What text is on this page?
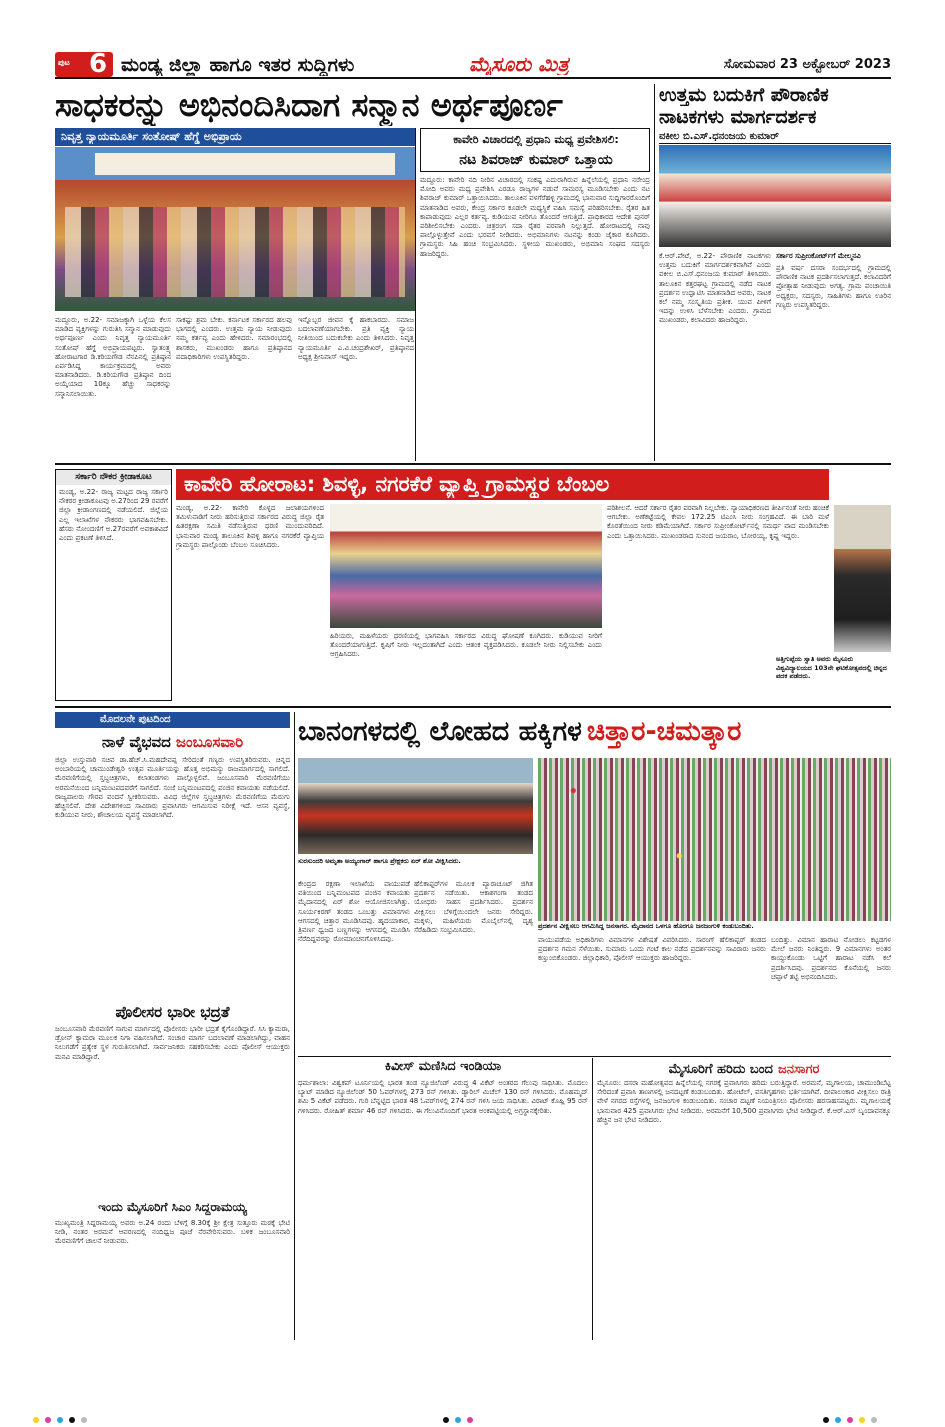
ಪುಟ 6 ಮಂಡ್ಯ ಜಿಲ್ಲಾ ಹಾಗೂ ಇತರ ಸುದ್ದಿಗಳು	ಮೈಸೂರು ಮಿತ್ರ	ಸೋಮವಾರ 23 ಅಕ್ಟೋಬರ್ 2023
ಸಾಧಕರನ್ನು ಅಭಿನಂದಿಸಿದಾಗ ಸನ್ಮಾನ ಅರ್ಥಪೂರ್ಣ
ನಿವೃತ್ತ ನ್ಯಾಯಮೂರ್ತಿ ಸಂತೋಷ್ ಹೆಗ್ಡೆ ಅಭಿಪ್ರಾಯ
ಮದ್ದೂರು, ಅ.22- ಸಮಾಜಕ್ಕಾಗಿ ಒಳ್ಳೆಯ ಕೆಲಸ ಮಾಡಿದ ವ್ಯಕ್ತಿಗಳನ್ನು ಗುರುತಿಸಿ ಸನ್ಮಾನ ಮಾಡುವುದು ಅರ್ಥಪೂರ್ಣ ಎಂದು ನಿವೃತ್ತ ನ್ಯಾಯಮೂರ್ತಿ ಸಂತೋಷ್ ಹೆಗ್ಡೆ ಅಭಿಪ್ರಾಯಪಟ್ಟರು. ಸ್ವಾತಂತ್ರ್ಯ ಹೋರಾಟಗಾರ ಡಿ.ಕರಿಯಗೌಡ ನೆನಪಿನಲ್ಲಿ ಪ್ರತಿಷ್ಠಾನ ಏರ್ಪಡಿಸಿದ್ದ ಕಾರ್ಯಕ್ರಮದಲ್ಲಿ ಅವರು ಮಾತನಾಡಿದರು. ಡಿ.ಕರಿಯಗೌಡ ಪ್ರತಿಷ್ಠಾನ ದಿಂದ ಅಯ್ಕೆಯಾದ 10ಕ್ಕೂ ಹೆಚ್ಚು ಸಾಧಕರನ್ನು ಸನ್ಮಾನಿಸಲಾಯಿತು.
ಸಾಕಷ್ಟು ಶ್ರಮ ಬೇಕು. ಕರ್ನಾಟಕ ಸರ್ಕಾರದ ಹಲವು ಭಾಗದಲ್ಲಿ ಎಂದರು. ಉತ್ತಮ ನ್ಯಾಯ ನೀಡುವುದು ನಮ್ಮ ಕರ್ತವ್ಯ ಎಂದು ಹೇಳಿದರು. ಸಮಾರಂಭದಲ್ಲಿ ಶಾಸಕರು, ಮುಖಂಡರು ಹಾಗೂ ಪ್ರತಿಷ್ಠಾನದ ಪದಾಧಿಕಾರಿಗಳು ಉಪಸ್ಥಿತರಿದ್ದರು.
ಇನ್ನೊಬ್ಬರ ಜೀವನ ಕ್ಕೆ ಹಾಕಬಾರದು. ಸಮಾಜ ಬದಲಾವಣೆಯಾಗಬೇಕು. ಪ್ರತಿ ವ್ಯಕ್ತಿ ನ್ಯಾಯ ನೀತಿಯಿಂದ ಬದುಕಬೇಕು ಎಂದು ತಿಳಿಸಿದರು. ನಿವೃತ್ತ ನ್ಯಾಯಮೂರ್ತಿ ಎ.ವಿ.ಚಂದ್ರಶೇಖರ್, ಪ್ರತಿಷ್ಠಾನದ ಅಧ್ಯಕ್ಷ ಶ್ರೀನಿವಾಸ್ ಇದ್ದರು.
ಕಾವೇರಿ ವಿಚಾರದಲ್ಲಿ ಪ್ರಧಾನಿ ಮಧ್ಯ ಪ್ರವೇಶಿಸಲಿ:
ನಟ ಶಿವರಾಜ್ ಕುಮಾರ್ ಒತ್ತಾಯ
ಮದ್ದೂರು: ಕಾವೇರಿ ನದಿ ನೀರಿನ ವಿಚಾರದಲ್ಲಿ ಸಂಕಷ್ಟ ಎದುರಾಗಿರುವ ಹಿನ್ನೆಲೆಯಲ್ಲಿ ಪ್ರಧಾನಿ ನರೇಂದ್ರ ಮೋದಿ ಅವರು ಮಧ್ಯ ಪ್ರವೇಶಿಸಿ ಎರಡೂ ರಾಜ್ಯಗಳ ನಡುವೆ ಸಾಮರಸ್ಯ ಮೂಡಿಸಬೇಕು ಎಂದು ನಟ ಶಿವರಾಜ್ ಕುಮಾರ್ ಒತ್ತಾಯಿಸಿದರು. ತಾಲೂಕಿನ ವಳಗೆರೆಹಳ್ಳಿ ಗ್ರಾಮದಲ್ಲಿ ಭಾನುವಾರ ಸುದ್ದಿಗಾರರೊಂದಿಗೆ ಮಾತನಾಡಿದ ಅವರು, ಕೇಂದ್ರ ಸರ್ಕಾರ ಕೂಡಲೇ ಮಧ್ಯಸ್ಥಿಕೆ ವಹಿಸಿ ಸಮಸ್ಯೆ ಪರಿಹರಿಸಬೇಕು. ರೈತರ ಹಿತ ಕಾಪಾಡುವುದು ಎಲ್ಲರ ಕರ್ತವ್ಯ. ಕುಡಿಯುವ ನೀರಿಗೂ ತೊಂದರೆ ಆಗುತ್ತಿದೆ. ಪ್ರಾಧಿಕಾರದ ಆದೇಶ ಪುನರ್ ಪರಿಶೀಲಿಸಬೇಕು ಎಂದರು. ಚಿತ್ರರಂಗ ಸದಾ ರೈತರ ಪರವಾಗಿ ನಿಲ್ಲುತ್ತದೆ. ಹೋರಾಟದಲ್ಲಿ ನಾವು ಪಾಲ್ಗೊಳ್ಳುತ್ತೇವೆ ಎಂದು ಭರವಸೆ ನೀಡಿದರು. ಅಭಿಮಾನಿಗಳು ನಟನನ್ನು ಕಂಡು ಜೈಕಾರ ಕೂಗಿದರು. ಗ್ರಾಮಸ್ಥರು ಸಿಹಿ ಹಂಚಿ ಸಂಭ್ರಮಿಸಿದರು. ಸ್ಥಳೀಯ ಮುಖಂಡರು, ಅಭಿಮಾನಿ ಸಂಘದ ಸದಸ್ಯರು ಹಾಜರಿದ್ದರು.
ಉತ್ತಮ ಬದುಕಿಗೆ ಪೌರಾಣಿಕ
ನಾಟಕಗಳು ಮಾರ್ಗದರ್ಶಕ
ವಕೀಲ ಬಿ.ಎಸ್.ಧನಂಜಯ ಕುಮಾರ್
ಕೆ.ಆರ್.ಪೇಟೆ, ಅ.22- ಪೌರಾಣಿಕ ನಾಟಕಗಳು ಉತ್ತಮ ಬದುಕಿಗೆ ಮಾರ್ಗದರ್ಶಕವಾಗಿವೆ ಎಂದು ವಕೀಲ ಬಿ.ಎಸ್.ಧನಂಜಯ ಕುಮಾರ್ ತಿಳಿಸಿದರು. ತಾಲೂಕಿನ ಕತ್ತರಘಟ್ಟ ಗ್ರಾಮದಲ್ಲಿ ನಡೆದ ನಾಟಕ ಪ್ರದರ್ಶನ ಉದ್ಘಾಟಿಸಿ ಮಾತನಾಡಿದ ಅವರು, ನಾಟಕ ಕಲೆ ನಮ್ಮ ಸಂಸ್ಕೃತಿಯ ಪ್ರತೀಕ. ಯುವ ಪೀಳಿಗೆ ಇದನ್ನು ಉಳಿಸಿ ಬೆಳೆಸಬೇಕು ಎಂದರು. ಗ್ರಾಮದ ಮುಖಂಡರು, ಕಲಾವಿದರು ಹಾಜರಿದ್ದರು.
ಸರ್ಕಾರ ಸುಪ್ರೀಂಕೋರ್ಟ್‌ಗೆ ಮೇಲ್ಮನವಿ
ಪ್ರತಿ ವರ್ಷ ದಸರಾ ಸಂದರ್ಭದಲ್ಲಿ ಗ್ರಾಮದಲ್ಲಿ ಪೌರಾಣಿಕ ನಾಟಕ ಪ್ರದರ್ಶಿಸಲಾಗುತ್ತದೆ. ಕಲಾವಿದರಿಗೆ ಪ್ರೋತ್ಸಾಹ ನೀಡುವುದು ಅಗತ್ಯ. ಗ್ರಾಮ ಪಂಚಾಯಿತಿ ಅಧ್ಯಕ್ಷರು, ಸದಸ್ಯರು, ಸಾಹಿತಿಗಳು ಹಾಗೂ ಊರಿನ ಗಣ್ಯರು ಉಪಸ್ಥಿತರಿದ್ದರು.
ಸರ್ಕಾರಿ ನೌಕರ ಕ್ರೀಡಾಕೂಟ
ಮಂಡ್ಯ, ಅ.22- ರಾಜ್ಯ ಮಟ್ಟದ ರಾಜ್ಯ ಸರ್ಕಾರಿ ನೌಕರರ ಕ್ರೀಡಾಕೂಟವು ಅ.27ರಿಂದ 29 ರವರೆಗೆ ಜಿಲ್ಲಾ ಕ್ರೀಡಾಂಗಣದಲ್ಲಿ ನಡೆಯಲಿದೆ. ಜಿಲ್ಲೆಯ ಎಲ್ಲ ಇಲಾಖೆಗಳ ನೌಕರರು ಭಾಗವಹಿಸಬೇಕು. ಹೆಸರು ನೋಂದಣಿಗೆ ಅ.27ರವರೆಗೆ ಅವಕಾಶವಿದೆ ಎಂದು ಪ್ರಕಟಣೆ ತಿಳಿಸಿದೆ.
ಕಾವೇರಿ ಹೋರಾಟ: ಶಿವಳ್ಳಿ, ನಗರಕೆರೆ ವ್ಯಾಪ್ತಿ ಗ್ರಾಮಸ್ಥರ ಬೆಂಬಲ
ಮಂಡ್ಯ, ಅ.22- ಕಾವೇರಿ ಕೊಳ್ಳದ ಜಲಾಶಯಗಳಿಂದ ತಮಿಳುನಾಡಿಗೆ ನೀರು ಹರಿಸುತ್ತಿರುವ ಸರ್ಕಾರದ ವಿರುದ್ಧ ಜಿಲ್ಲಾ ರೈತ ಹಿತರಕ್ಷಣಾ ಸಮಿತಿ ನಡೆಸುತ್ತಿರುವ ಧರಣಿ ಮುಂದುವರಿದಿದೆ. ಭಾನುವಾರ ಮಂಡ್ಯ ತಾಲೂಕಿನ ಶಿವಳ್ಳಿ ಹಾಗೂ ನಗರಕೆರೆ ವ್ಯಾಪ್ತಿಯ ಗ್ರಾಮಸ್ಥರು ಪಾಲ್ಗೊಂಡು ಬೆಂಬಲ ಸೂಚಿಸಿದರು.
ಹಿರಿಯರು, ಮಹಿಳೆಯರು ಧರಣಿಯಲ್ಲಿ ಭಾಗವಹಿಸಿ ಸರ್ಕಾರದ ವಿರುದ್ಧ ಘೋಷಣೆ ಕೂಗಿದರು. ಕುಡಿಯುವ ನೀರಿಗೆ ತೊಂದರೆಯಾಗುತ್ತಿದೆ. ಕೃಷಿಗೆ ನೀರು ಇಲ್ಲದಂತಾಗಿದೆ ಎಂದು ಆತಂಕ ವ್ಯಕ್ತಪಡಿಸಿದರು. ಕೂಡಲೇ ನೀರು ನಿಲ್ಲಿಸಬೇಕು ಎಂದು ಆಗ್ರಹಿಸಿದರು.
ಪರಿಶೀಲನೆ. ಆದರೆ ಸರ್ಕಾರ ರೈತರ ಪರವಾಗಿ ನಿಲ್ಲಬೇಕು. ನ್ಯಾಯಾಧಿಕರಣದ ತೀರ್ಪಿನಂತೆ ನೀರು ಹಂಚಿಕೆ ಆಗಬೇಕು. ಅಣೆಕಟ್ಟೆಯಲ್ಲಿ ಕೇವಲ 172.25 ಟಿಎಂಸಿ ನೀರು ಸಂಗ್ರಹವಿದೆ. ಈ ಬಾರಿ ಮಳೆ ಕೊರತೆಯಿಂದ ನೀರು ಕಡಿಮೆಯಾಗಿದೆ. ಸರ್ಕಾರ ಸುಪ್ರೀಂಕೋರ್ಟ್‌ನಲ್ಲಿ ಸಮರ್ಥ ವಾದ ಮಂಡಿಸಬೇಕು ಎಂದು ಒತ್ತಾಯಿಸಿದರು. ಮುಖಂಡರಾದ ಸುನಂದ ಜಯರಾಂ, ಬೋರಯ್ಯ, ಕೃಷ್ಣ ಇದ್ದರು.
ಅತ್ತಿಗುಪ್ಪೆಯ ಸ್ವಾತಿ ಅವರು ಮೈಸೂರು ವಿಶ್ವವಿದ್ಯಾಲಯದ 103ನೇ ಘಟಿಕೋತ್ಸವದಲ್ಲಿ ಚಿನ್ನದ ಪದಕ ಪಡೆದರು.
ಮೊದಲನೇ ಪುಟದಿಂದ
ನಾಳೆ ವೈಭವದ ಜಂಬೂಸವಾರಿ
ಜಿಲ್ಲಾ ಉಸ್ತುವಾರಿ ಸಚಿವ ಡಾ.ಹೆಚ್.ಸಿ.ಮಹದೇವಪ್ಪ ಸೇರಿದಂತೆ ಗಣ್ಯರು ಉಪಸ್ಥಿತರಿರುವರು. ಚಿನ್ನದ ಅಂಬಾರಿಯಲ್ಲಿ ಚಾಮುಂಡೇಶ್ವರಿ ಉತ್ಸವ ಮೂರ್ತಿಯನ್ನು ಹೊತ್ತ ಅಭಿಮನ್ಯು ರಾಜಮಾರ್ಗದಲ್ಲಿ ಸಾಗಲಿದೆ. ಮೆರವಣಿಗೆಯಲ್ಲಿ ಸ್ತಬ್ಧಚಿತ್ರಗಳು, ಕಲಾತಂಡಗಳು ಪಾಲ್ಗೊಳ್ಳಲಿವೆ. ಜಂಬೂಸವಾರಿ ಮೆರವಣಿಗೆಯು ಅರಮನೆಯಿಂದ ಬನ್ನಿಮಂಟಪದವರೆಗೆ ಸಾಗಲಿದೆ. ಸಂಜೆ ಬನ್ನಿಮಂಟಪದಲ್ಲಿ ಪಂಜಿನ ಕವಾಯತು ನಡೆಯಲಿದೆ. ರಾಜ್ಯಪಾಲರು ಗೌರವ ವಂದನೆ ಸ್ವೀಕರಿಸುವರು. ವಿವಿಧ ಜಿಲ್ಲೆಗಳ ಸ್ತಬ್ಧಚಿತ್ರಗಳು ಮೆರವಣಿಗೆಯ ಮೆರುಗು ಹೆಚ್ಚಿಸಲಿವೆ. ದೇಶ ವಿದೇಶಗಳಿಂದ ಸಾವಿರಾರು ಪ್ರವಾಸಿಗರು ಆಗಮಿಸುವ ನಿರೀಕ್ಷೆ ಇದೆ. ಆಸನ ವ್ಯವಸ್ಥೆ, ಕುಡಿಯುವ ನೀರು, ಶೌಚಾಲಯ ವ್ಯವಸ್ಥೆ ಮಾಡಲಾಗಿದೆ.
ಪೊಲೀಸರ ಭಾರೀ ಭದ್ರತೆ
ಜಂಬೂಸವಾರಿ ಮೆರವಣಿಗೆ ಸಾಗುವ ಮಾರ್ಗದಲ್ಲಿ ಪೊಲೀಸರು ಭಾರೀ ಭದ್ರತೆ ಕೈಗೊಂಡಿದ್ದಾರೆ. ಸಿಸಿ ಕ್ಯಾಮರಾ, ಡ್ರೋನ್ ಕ್ಯಾಮರಾ ಮೂಲಕ ನಿಗಾ ವಹಿಸಲಾಗಿದೆ. ಸಂಚಾರ ಮಾರ್ಗ ಬದಲಾವಣೆ ಮಾಡಲಾಗಿದ್ದು, ವಾಹನ ನಿಲುಗಡೆಗೆ ಪ್ರತ್ಯೇಕ ಸ್ಥಳ ಗುರುತಿಸಲಾಗಿದೆ. ಸಾರ್ವಜನಿಕರು ಸಹಕರಿಸಬೇಕು ಎಂದು ಪೊಲೀಸ್ ಆಯುಕ್ತರು ಮನವಿ ಮಾಡಿದ್ದಾರೆ.
ಇಂದು ಮೈಸೂರಿಗೆ ಸಿಎಂ ಸಿದ್ದರಾಮಯ್ಯ
ಮುಖ್ಯಮಂತ್ರಿ ಸಿದ್ದರಾಮಯ್ಯ ಅವರು ಅ.24 ರಂದು ಬೆಳಿಗ್ಗೆ 8.30ಕ್ಕೆ ಶ್ರೀ ಕ್ಷೇತ್ರ ಸುತ್ತೂರು ಮಠಕ್ಕೆ ಭೇಟಿ ನೀಡಿ, ನಂತರ ಅರಮನೆ ಆವರಣದಲ್ಲಿ ನಂದಿಧ್ವಜ ಪೂಜೆ ನೆರವೇರಿಸುವರು. ಬಳಿಕ ಜಂಬೂಸವಾರಿ ಮೆರವಣಿಗೆಗೆ ಚಾಲನೆ ನೀಡುವರು.
ಬಾನಂಗಳದಲ್ಲಿ ಲೋಹದ ಹಕ್ಕಿಗಳ ಚಿತ್ತಾರ-ಚಮತ್ಕಾರ
ಸುರಸುಂದರಿ ಅಮೃತಾ ಅಯ್ಯಂಗಾರ್ ಹಾಗೂ ಪ್ರೇಕ್ಷಕರು ಏರ್ ಶೋ ವೀಕ್ಷಿಸಿದರು.
ಪ್ರದರ್ಶನ ವೀಕ್ಷಿಸಲು ಆಗಮಿಸಿದ್ದ ಜನಸಾಗರ. ಮೈದಾನದ ಒಳಗೂ ಹೊರಗೂ ಜನಜಂಗುಳಿ ಕಂಡುಬಂದಿತು.
ಕೇಂದ್ರದ ರಕ್ಷಣಾ ಇಲಾಖೆಯ ವಾಯುಪಡೆ ವತಿಯಿಂದ ಬನ್ನಿಮಂಟಪದ ಪಂಜಿನ ಕವಾಯತು ಮೈದಾನದಲ್ಲಿ ಏರ್ ಶೋ ಆಯೋಜಿಸಲಾಗಿತ್ತು. ಸೂರ್ಯಕಿರಣ್ ತಂಡದ ಒಂಬತ್ತು ವಿಮಾನಗಳು ಆಗಸದಲ್ಲಿ ಚಿತ್ತಾರ ಮೂಡಿಸಿದವು. ಹೃದಯಾಕಾರ, ತ್ರಿವರ್ಣ ಧ್ವಜದ ಬಣ್ಣಗಳನ್ನು ಆಗಸದಲ್ಲಿ ಮೂಡಿಸಿ ನೆರೆದಿದ್ದವರನ್ನು ರೋಮಾಂಚನಗೊಳಿಸಿದವು.
ಹೆಲಿಕಾಪ್ಟರ್‌ಗಳ ಮೂಲಕ ಪ್ಯಾರಾಚೂಟ್ ಜಿಗಿತ ಪ್ರದರ್ಶನ ನಡೆಯಿತು. ಆಕಾಶಗಂಗಾ ತಂಡದ ಯೋಧರು ಸಾಹಸ ಪ್ರದರ್ಶಿಸಿದರು. ಪ್ರದರ್ಶನ ವೀಕ್ಷಿಸಲು ಬೆಳಿಗ್ಗೆಯಿಂದಲೇ ಜನರು ಸೇರಿದ್ದರು. ಮಕ್ಕಳು, ಮಹಿಳೆಯರು ಮೊಬೈಲ್‌ನಲ್ಲಿ ದೃಶ್ಯ ಸೆರೆಹಿಡಿದು ಸಂಭ್ರಮಿಸಿದರು.
ವಾಯುಪಡೆಯ ಅಧಿಕಾರಿಗಳು ವಿಮಾನಗಳ ವಿಶೇಷತೆ ವಿವರಿಸಿದರು. ಸಾರಂಗ್ ಹೆಲಿಕಾಪ್ಟರ್ ತಂಡದ ಪ್ರದರ್ಶನ ಗಮನ ಸೆಳೆಯಿತು. ಸುಮಾರು ಒಂದು ಗಂಟೆ ಕಾಲ ನಡೆದ ಪ್ರದರ್ಶನವನ್ನು ಸಾವಿರಾರು ಜನರು ಕಣ್ತುಂಬಿಕೊಂಡರು. ಜಿಲ್ಲಾಧಿಕಾರಿ, ಪೊಲೀಸ್ ಆಯುಕ್ತರು ಹಾಜರಿದ್ದರು.
ಬಂದಿತ್ತು. ವಿಮಾನ ಹಾರಾಟ ನೋಡಲು ಕಟ್ಟಡಗಳ ಮೇಲೆ ಜನರು ನಿಂತಿದ್ದರು. 9 ವಿಮಾನಗಳು ಅಂತರ ಕಾಯ್ದುಕೊಂಡು ಒಟ್ಟಿಗೆ ಹಾರಾಟ ನಡೆಸಿ ಕಲೆ ಪ್ರದರ್ಶಿಸಿದವು. ಪ್ರದರ್ಶನದ ಕೊನೆಯಲ್ಲಿ ಜನರು ಚಪ್ಪಾಳೆ ತಟ್ಟಿ ಅಭಿನಂದಿಸಿದರು.
ಕಿವೀಸ್ ಮಣಿಸಿದ ಇಂಡಿಯಾ
ಧರ್ಮಶಾಲಾ: ವಿಶ್ವಕಪ್ ಟೂರ್ನಿಯಲ್ಲಿ ಭಾರತ ತಂಡ ನ್ಯೂಜಿಲೆಂಡ್ ವಿರುದ್ಧ 4 ವಿಕೆಟ್ ಅಂತರದ ಗೆಲುವು ಸಾಧಿಸಿತು. ಮೊದಲು ಬ್ಯಾಟ್ ಮಾಡಿದ ನ್ಯೂಜಿಲೆಂಡ್ 50 ಓವರ್‌ಗಳಲ್ಲಿ 273 ರನ್ ಗಳಿಸಿತು. ಡ್ಯಾರಿಲ್ ಮಿಚೆಲ್ 130 ರನ್ ಗಳಿಸಿದರು. ಮೊಹಮ್ಮದ್ ಶಮಿ 5 ವಿಕೆಟ್ ಪಡೆದರು. ಗುರಿ ಬೆನ್ನಟ್ಟಿದ ಭಾರತ 48 ಓವರ್‌ಗಳಲ್ಲಿ 274 ರನ್ ಗಳಿಸಿ ಜಯ ಸಾಧಿಸಿತು. ವಿರಾಟ್ ಕೊಹ್ಲಿ 95 ರನ್ ಗಳಿಸಿದರು. ರೋಹಿತ್ ಶರ್ಮಾ 46 ರನ್ ಗಳಿಸಿದರು. ಈ ಗೆಲುವಿನೊಂದಿಗೆ ಭಾರತ ಅಂಕಪಟ್ಟಿಯಲ್ಲಿ ಅಗ್ರಸ್ಥಾನಕ್ಕೇರಿತು.
ಮೈಸೂರಿಗೆ ಹರಿದು ಬಂದ ಜನಸಾಗರ
ಮೈಸೂರು: ದಸರಾ ಮಹೋತ್ಸವದ ಹಿನ್ನೆಲೆಯಲ್ಲಿ ನಗರಕ್ಕೆ ಪ್ರವಾಸಿಗರು ಹರಿದು ಬರುತ್ತಿದ್ದಾರೆ. ಅರಮನೆ, ಮೃಗಾಲಯ, ಚಾಮುಂಡಿಬೆಟ್ಟ ಸೇರಿದಂತೆ ಪ್ರವಾಸಿ ತಾಣಗಳಲ್ಲಿ ಜನದಟ್ಟಣೆ ಕಂಡುಬಂದಿತು. ಹೋಟೆಲ್, ವಸತಿಗೃಹಗಳು ಭರ್ತಿಯಾಗಿವೆ. ದೀಪಾಲಂಕಾರ ವೀಕ್ಷಿಸಲು ರಾತ್ರಿ ವೇಳೆ ನಗರದ ರಸ್ತೆಗಳಲ್ಲಿ ಜನಜಂಗುಳಿ ಕಂಡುಬಂದಿತು. ಸಂಚಾರ ದಟ್ಟಣೆ ನಿಯಂತ್ರಿಸಲು ಪೊಲೀಸರು ಹರಸಾಹಸಪಟ್ಟರು. ಮೃಗಾಲಯಕ್ಕೆ ಭಾನುವಾರ 425 ಪ್ರವಾಸಿಗರು ಭೇಟಿ ನೀಡಿದರು. ಅರಮನೆಗೆ 10,500 ಪ್ರವಾಸಿಗರು ಭೇಟಿ ನೀಡಿದ್ದಾರೆ. ಕೆ.ಆರ್.ಎಸ್ ಬೃಂದಾವನಕ್ಕೂ ಹೆಚ್ಚಿನ ಜನ ಭೇಟಿ ನೀಡಿದರು.
